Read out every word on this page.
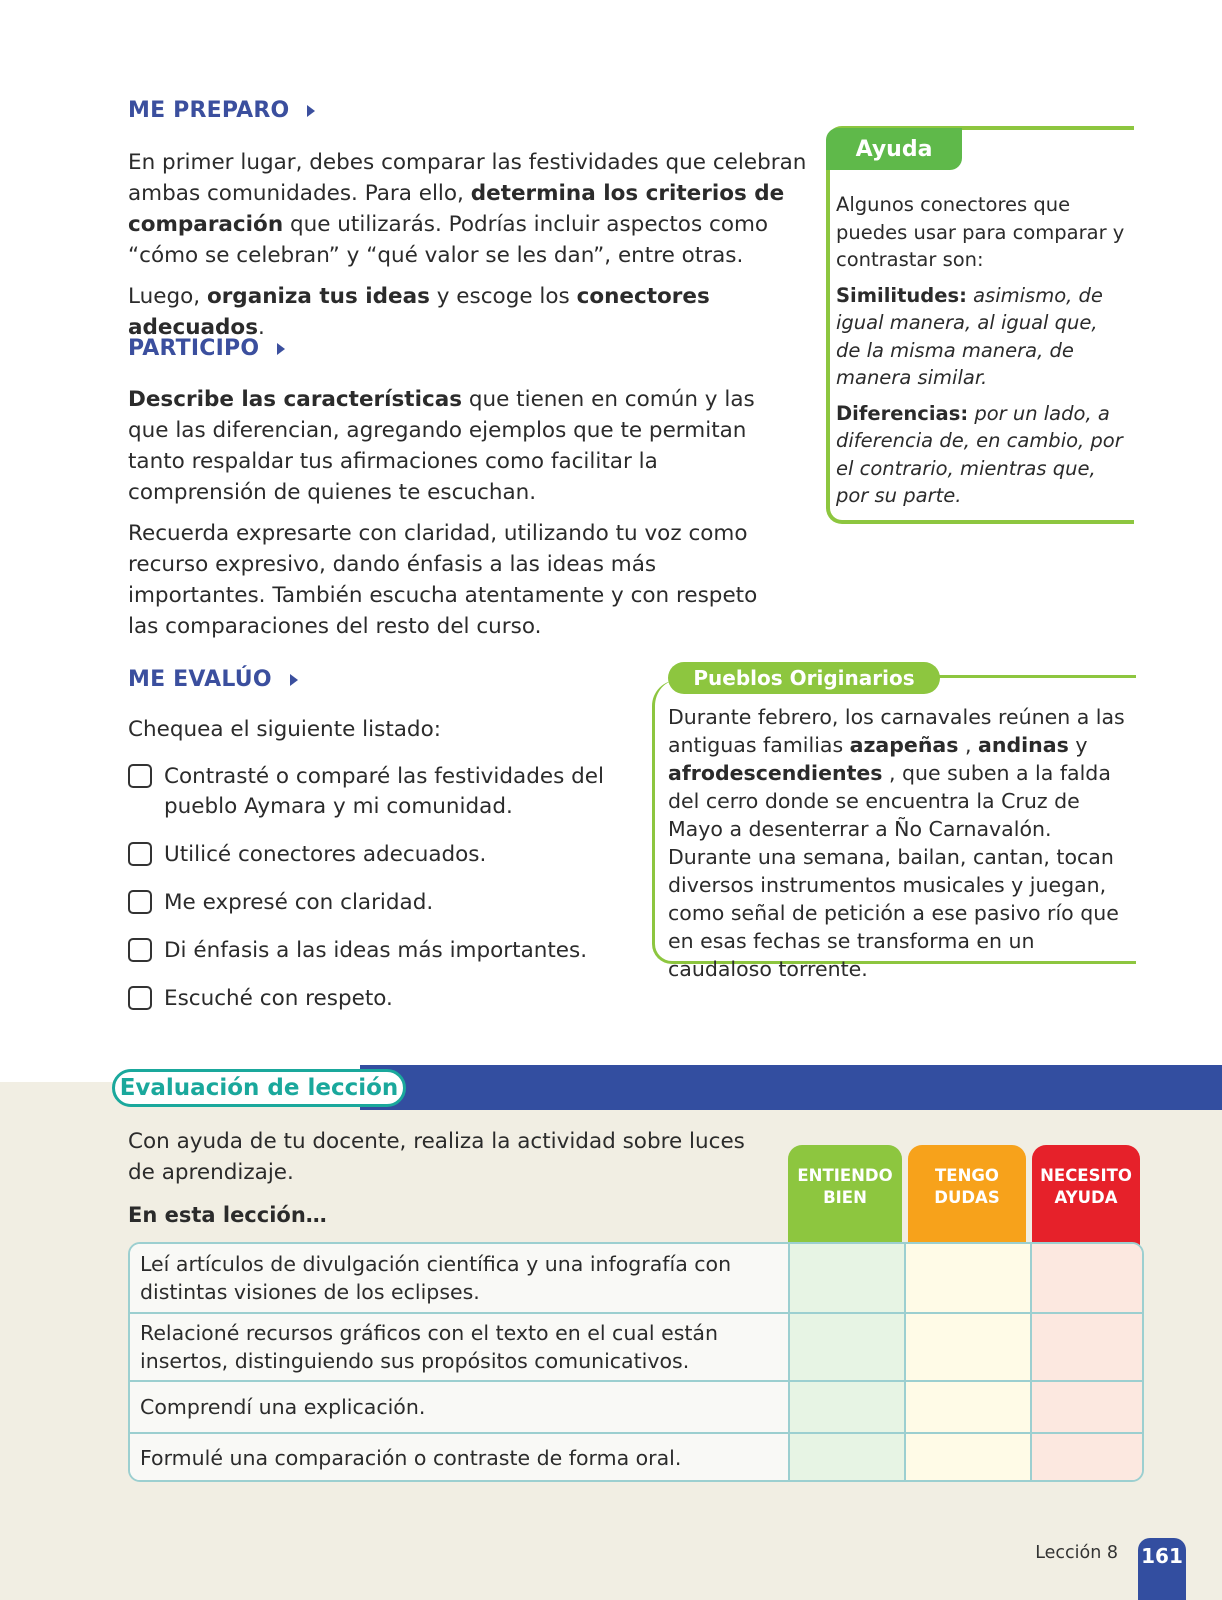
ME PREPARO

En primer lugar, debes comparar las festividades que celebran ambas comunidades. Para ello, determina los criterios de comparación que utilizarás. Podrías incluir aspectos como “cómo se celebran” y “qué valor se les dan”, entre otras.

Luego, organiza tus ideas y escoge los conectores adecuados.

PARTICIPO

Describe las características que tienen en común y las que las diferencian, agregando ejemplos que te permitan tanto respaldar tus afirmaciones como facilitar la comprensión de quienes te escuchan.

Recuerda expresarte con claridad, utilizando tu voz como recurso expresivo, dando énfasis a las ideas más importantes. También escucha atentamente y con respeto las comparaciones del resto del curso.

Ayuda

Algunos conectores que puedes usar para comparar y contrastar son:

Similitudes: asimismo, de igual manera, al igual que, de la misma manera, de manera similar.

Diferencias: por un lado, a diferencia de, en cambio, por el contrario, mientras que, por su parte.

ME EVALÚO
Chequea el siguiente listado:
Contrasté o comparé las festividades del pueblo Aymara y mi comunidad.
Utilicé conectores adecuados.
Me expresé con claridad.
Di énfasis a las ideas más importantes.
Escuché con respeto.
Pueblos Originarios
Durante febrero, los carnavales reúnen a las antiguas familias azapeñas , andinas y afrodescendientes , que suben a la falda del cerro donde se encuentra la Cruz de Mayo a desenterrar a Ño Carnavalón. Durante una semana, bailan, cantan, tocan diversos instrumentos musicales y juegan, como señal de petición a ese pasivo río que en esas fechas se transforma en un caudaloso torrente.
Evaluación de lección
Con ayuda de tu docente, realiza la actividad sobre luces de aprendizaje.
En esta lección…
ENTIENDO BIEN
TENGO DUDAS
NECESITO AYUDA
Leí artículos de divulgación científica y una infografía con distintas visiones de los eclipses.
Relacioné recursos gráficos con el texto en el cual están insertos, distinguiendo sus propósitos comunicativos.
Comprendí una explicación.
Formulé una comparación o contraste de forma oral.
Lección 8 161
